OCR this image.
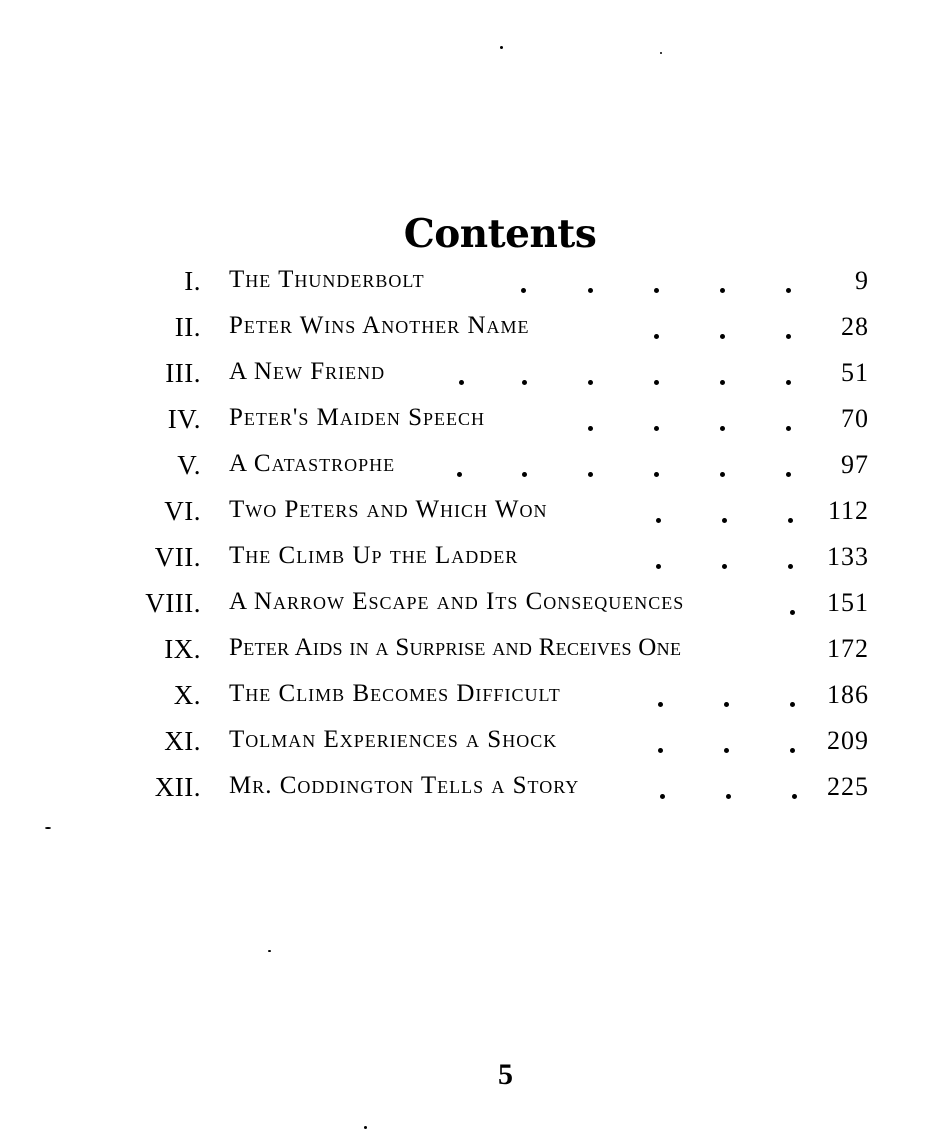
Contents
I. The Thunderbolt	9
II. Peter Wins Another Name	28
III. A New Friend	51
IV. Peter's Maiden Speech	70
V. A Catastrophe	97
VI. Two Peters and Which Won	112
VII. The Climb Up the Ladder	133
VIII. A Narrow Escape and Its Consequences	151
IX. Peter Aids in a Surprise and Receives One	172
X. The Climb Becomes Difficult	186
XI. Tolman Experiences a Shock	209
XII. Mr. Coddington Tells a Story	225
5
